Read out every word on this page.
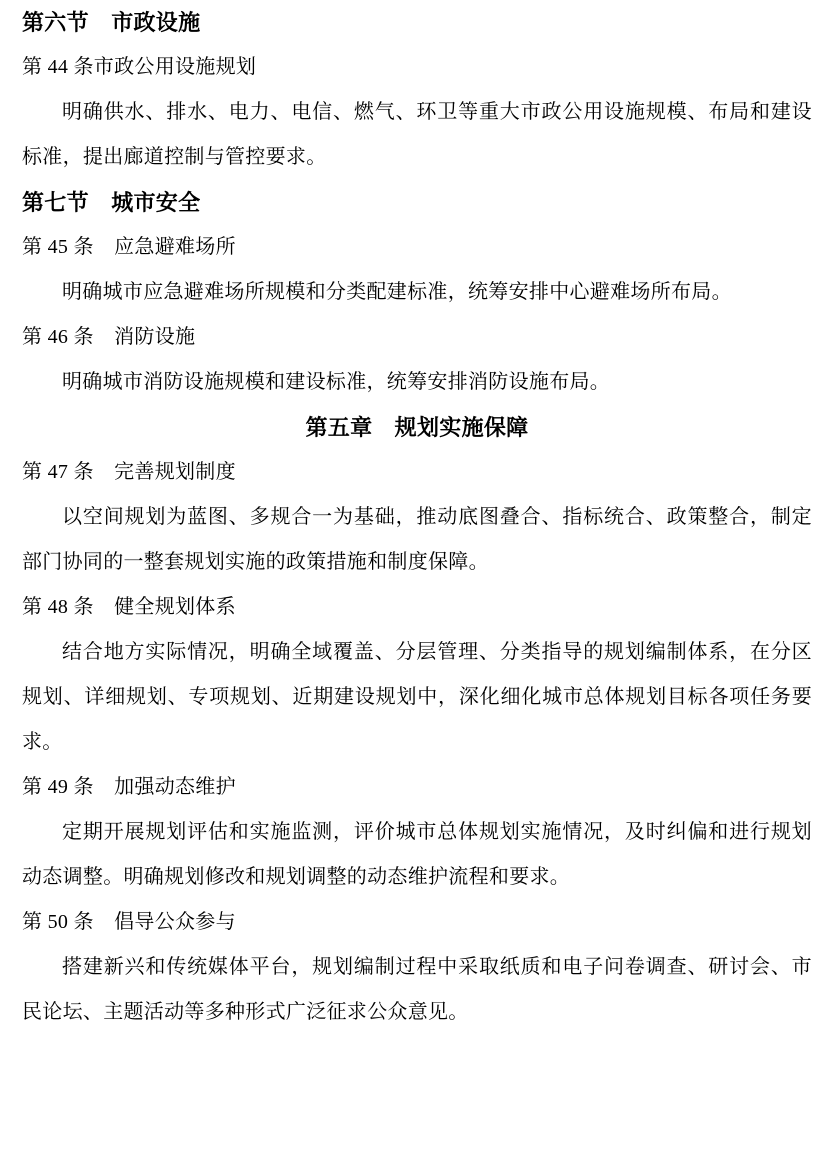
第六节　市政设施
第 44 条市政公用设施规划

明确供水、排水、电力、电信、燃气、环卫等重大市政公用设施规模、布局和建设标准，提出廊道控制与管控要求。

第七节　城市安全
第 45 条　应急避难场所

明确城市应急避难场所规模和分类配建标准，统筹安排中心避难场所布局。

第 46 条　消防设施

明确城市消防设施规模和建设标准，统筹安排消防设施布局。

第五章　规划实施保障
第 47 条　完善规划制度

以空间规划为蓝图、多规合一为基础，推动底图叠合、指标统合、政策整合，制定部门协同的一整套规划实施的政策措施和制度保障。

第 48 条　健全规划体系

结合地方实际情况，明确全域覆盖、分层管理、分类指导的规划编制体系，在分区规划、详细规划、专项规划、近期建设规划中，深化细化城市总体规划目标各项任务要求。

第 49 条　加强动态维护

定期开展规划评估和实施监测，评价城市总体规划实施情况，及时纠偏和进行规划动态调整。明确规划修改和规划调整的动态维护流程和要求。

第 50 条　倡导公众参与

搭建新兴和传统媒体平台，规划编制过程中采取纸质和电子问卷调查、研讨会、市民论坛、主题活动等多种形式广泛征求公众意见。
